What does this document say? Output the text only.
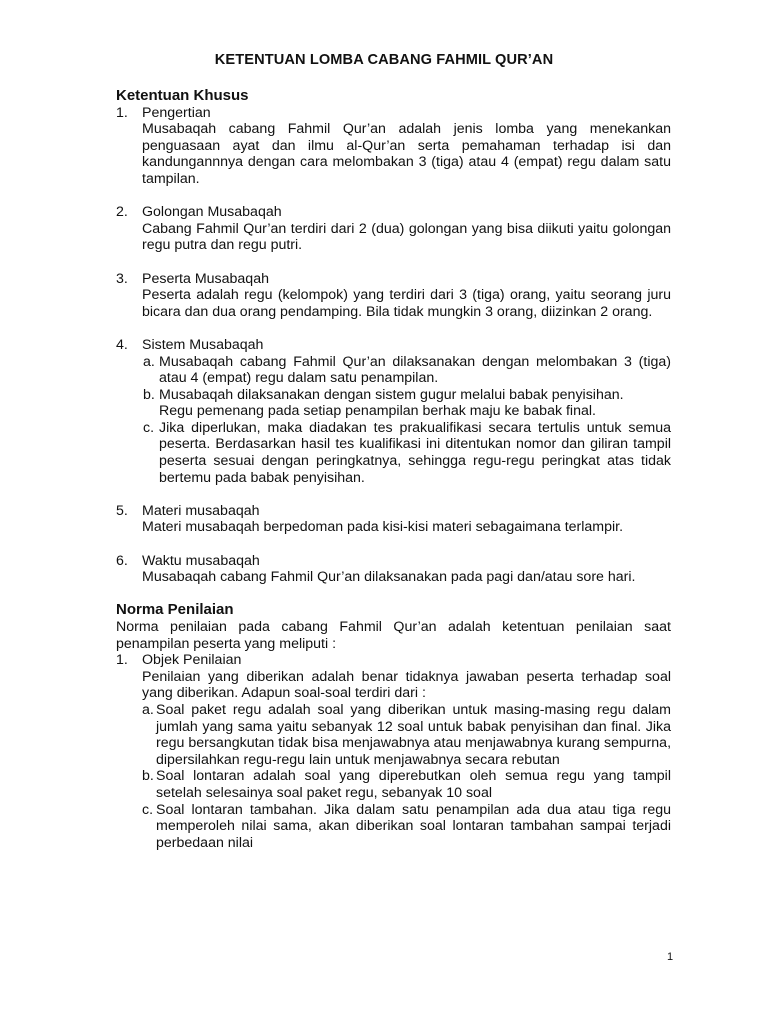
KETENTUAN LOMBA CABANG FAHMIL QUR’AN
Ketentuan Khusus
1. Pengertian
Musabaqah cabang Fahmil Qur’an adalah jenis lomba yang menekankan penguasaan ayat dan ilmu al-Qur’an serta pemahaman terhadap isi dan kandungannnya dengan cara melombakan 3 (tiga) atau 4 (empat) regu dalam satu tampilan.
2. Golongan Musabaqah
Cabang Fahmil Qur’an terdiri dari 2 (dua) golongan yang bisa diikuti yaitu golongan regu putra dan regu putri.
3. Peserta Musabaqah
Peserta adalah regu (kelompok) yang terdiri dari 3 (tiga) orang, yaitu seorang juru bicara dan dua orang pendamping. Bila tidak mungkin 3 orang, diizinkan 2 orang.
4. Sistem Musabaqah
a. Musabaqah cabang Fahmil Qur’an dilaksanakan dengan melombakan 3 (tiga) atau 4 (empat) regu dalam satu penampilan.
b. Musabaqah dilaksanakan dengan sistem gugur melalui babak penyisihan.
Regu pemenang pada setiap penampilan berhak maju ke babak final.
c. Jika diperlukan, maka diadakan tes prakualifikasi secara tertulis untuk semua peserta. Berdasarkan hasil tes kualifikasi ini ditentukan nomor dan giliran tampil peserta sesuai dengan peringkatnya, sehingga regu-regu peringkat atas tidak bertemu pada babak penyisihan.
5. Materi musabaqah
Materi musabaqah berpedoman pada kisi-kisi materi sebagaimana terlampir.
6. Waktu musabaqah
Musabaqah cabang Fahmil Qur’an dilaksanakan pada pagi dan/atau sore hari.
Norma Penilaian
Norma penilaian pada cabang Fahmil Qur’an adalah ketentuan penilaian saat penampilan peserta yang meliputi :
1. Objek Penilaian
Penilaian yang diberikan adalah benar tidaknya jawaban peserta terhadap soal yang diberikan. Adapun soal-soal terdiri dari :
a. Soal paket regu adalah soal yang diberikan untuk masing-masing regu dalam jumlah yang sama yaitu sebanyak 12 soal untuk babak penyisihan dan final. Jika regu bersangkutan tidak bisa menjawabnya atau menjawabnya kurang sempurna, dipersilahkan regu-regu lain untuk menjawabnya secara rebutan
b. Soal lontaran adalah soal yang diperebutkan oleh semua regu yang tampil setelah selesainya soal paket regu, sebanyak 10 soal
c. Soal lontaran tambahan. Jika dalam satu penampilan ada dua atau tiga regu memperoleh nilai sama, akan diberikan soal lontaran tambahan sampai terjadi perbedaan nilai
1
